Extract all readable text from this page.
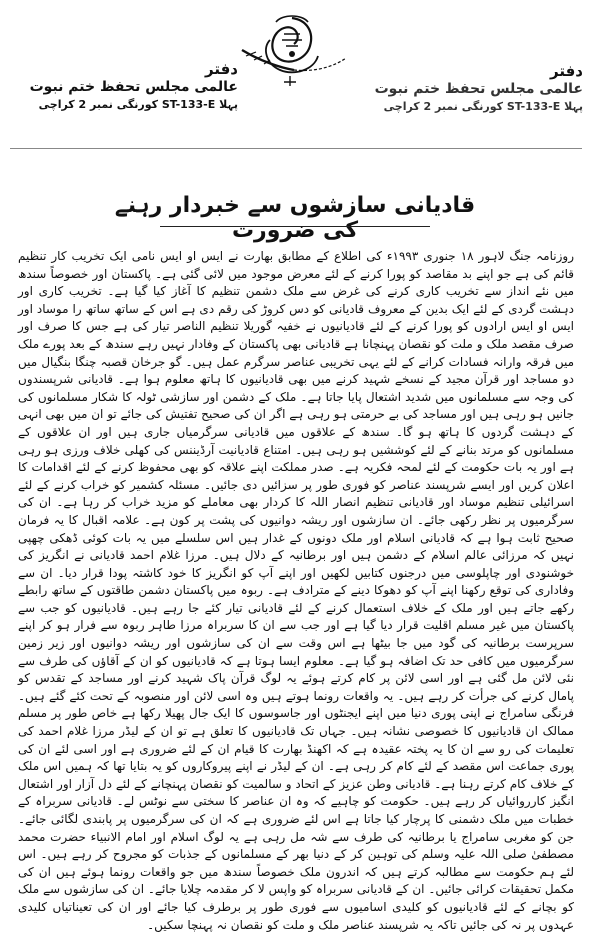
دفتر
عالمی مجلس تحفظ ختم نبوت
پہلا ST-133-E کورنگی نمبر 2 کراچی
دفتر
عالمی مجلس تحفظ ختم نبوت
پہلا ST-133-E کورنگی نمبر 2 کراچی
قادیانی سازشوں سے خبردار رہنے کی ضرورت

روزنامہ جنگ لاہور ۱۸ جنوری ۱۹۹۳ء کی اطلاع کے مطابق بھارت نے ایس او ایس نامی ایک تخریب کار تنظیم قائم کی ہے جو اپنے بد مقاصد کو پورا کرنے کے لئے معرض موجود میں لائی گئی ہے۔ پاکستان اور خصوصاً سندھ میں نئے انداز سے تخریب کاری کرنے کی غرض سے ملک دشمن تنظیم کا آغاز کیا گیا ہے۔ تخریب کاری اور دہشت گردی کے لئے ایک بدین کے معروف قادیانی کو دس کروڑ کی رقم دی ہے اس کے ساتھ ساتھ را موساد اور ایس او ایس ارادوں کو پورا کرنے کے لئے قادیانیوں نے خفیہ گوریلا تنظیم الناصر تیار کی ہے جس کا صرف اور صرف مقصد ملک و ملت کو نقصان پہنچانا ہے قادیانی بھی پاکستان کے وفادار نہیں رہے سندھ کے بعد پورے ملک میں فرقہ وارانہ فسادات کرانے کے لئے یہی تخریبی عناصر سرگرم عمل ہیں۔ گو جرخان قصبہ چنگا بنگیال میں دو مساجد اور قرآن مجید کے نسخے شہید کرنے میں بھی قادیانیوں کا ہاتھ معلوم ہوا ہے۔ قادیانی شرپسندوں کی وجہ سے مسلمانوں میں شدید اشتعال پایا جاتا ہے۔ ملک کے دشمن اور سازشی ٹولہ کا شکار مسلمانوں کی جانیں ہو رہی ہیں اور مساجد کی بے حرمتی ہو رہی ہے اگر ان کی صحیح تفتیش کی جائے تو ان میں بھی انہی کے دہشت گردوں کا ہاتھ ہو گا۔ سندھ کے علاقوں میں قادیانی سرگرمیاں جاری ہیں اور ان علاقوں کے مسلمانوں کو مرتد بنانے کے لئے کوششیں ہو رہی ہیں۔ امتناع قادیانیت آرڈیننس کی کھلی خلاف ورزی ہو رہی ہے اور یہ بات حکومت کے لئے لمحہ فکریہ ہے۔ صدر مملکت اپنے علاقہ کو بھی محفوظ کرنے کے لئے اقدامات کا اعلان کریں اور ایسے شرپسند عناصر کو فوری طور پر سزائیں دی جائیں۔ مسئلہ کشمیر کو خراب کرنے کے لئے اسرائیلی تنظیم موساد اور قادیانی تنظیم انصار اللہ کا کردار بھی معاملے کو مزید خراب کر رہا ہے۔ ان کی سرگرمیوں پر نظر رکھی جائے۔ ان سازشوں اور ریشہ دوانیوں کی پشت پر کون ہے۔ علامہ اقبال کا یہ فرمان صحیح ثابت ہوا ہے کہ قادیانی اسلام اور ملک دونوں کے غدار ہیں اس سلسلے میں یہ بات کوئی ڈھکی چھپی نہیں کہ مرزائی عالم اسلام کے دشمن ہیں اور برطانیہ کے دلال ہیں۔ مرزا غلام احمد قادیانی نے انگریز کی خوشنودی اور چاپلوسی میں درجنوں کتابیں لکھیں اور اپنے آپ کو انگریز کا خود کاشتہ پودا قرار دیا۔ ان سے وفاداری کی توقع رکھنا اپنے آپ کو دھوکا دینے کے مترادف ہے۔ ربوہ میں پاکستان دشمن طاقتوں کے ساتھ رابطے رکھے جاتے ہیں اور ملک کے خلاف استعمال کرنے کے لئے قادیانی تیار کئے جا رہے ہیں۔ قادیانیوں کو جب سے پاکستان میں غیر مسلم اقلیت قرار دیا گیا ہے اور جب سے ان کا سربراہ مرزا طاہر ربوہ سے فرار ہو کر اپنے سرپرست برطانیہ کی گود میں جا بیٹھا ہے اس وقت سے ان کی سازشوں اور ریشہ دوانیوں اور زیر زمین سرگرمیوں میں کافی حد تک اضافہ ہو گیا ہے۔ معلوم ایسا ہوتا ہے کہ قادیانیوں کو ان کے آقاؤں کی طرف سے نئی لائن مل گئی ہے اور اسی لائن پر کام کرتے ہوئے یہ لوگ قرآن پاک شہید کرنے اور مساجد کے تقدس کو پامال کرنے کی جرأت کر رہے ہیں۔ یہ واقعات رونما ہوتے ہیں وہ اسی لائن اور منصوبہ کے تحت کئے گئے ہیں۔ فرنگی سامراج نے اپنی پوری دنیا میں اپنے ایجنٹوں اور جاسوسوں کا ایک جال پھیلا رکھا ہے خاص طور پر مسلم ممالک ان قادیانیوں کا خصوصی نشانہ ہیں۔ جہاں تک قادیانیوں کا تعلق ہے تو ان کے لیڈر مرزا غلام احمد کی تعلیمات کی رو سے ان کا یہ پختہ عقیدہ ہے کہ اکھنڈ بھارت کا قیام ان کے لئے ضروری ہے اور اسی لئے ان کی پوری جماعت اس مقصد کے لئے کام کر رہی ہے۔ ان کے لیڈر نے اپنے پیروکاروں کو یہ بتایا تھا کہ ہمیں اس ملک کے خلاف کام کرتے رہنا ہے۔ قادیانی وطن عزیز کے اتحاد و سالمیت کو نقصان پہنچانے کے لئے دل آزار اور اشتعال انگیز کارروائیاں کر رہے ہیں۔ حکومت کو چاہیے کہ وہ ان عناصر کا سختی سے نوٹس لے۔ قادیانی سربراہ کے خطبات میں ملک دشمنی کا پرچار کیا جاتا ہے اس لئے ضروری ہے کہ ان کی سرگرمیوں پر پابندی لگائی جائے۔ جن کو مغربی سامراج یا برطانیہ کی طرف سے شہ مل رہی ہے یہ لوگ اسلام اور امام الانبیاء حضرت محمد مصطفیٰ صلی اللہ علیہ وسلم کی توہین کر کے دنیا بھر کے مسلمانوں کے جذبات کو مجروح کر رہے ہیں۔ اس لئے ہم حکومت سے مطالبہ کرتے ہیں کہ اندرون ملک خصوصاً سندھ میں جو واقعات رونما ہوئے ہیں ان کی مکمل تحقیقات کرائی جائیں۔ ان کے قادیانی سربراہ کو واپس لا کر مقدمہ چلایا جائے۔ ان کی سازشوں سے ملک کو بچانے کے لئے قادیانیوں کو کلیدی اسامیوں سے فوری طور پر برطرف کیا جائے اور ان کی تعیناتیاں کلیدی عہدوں پر نہ کی جائیں تاکہ یہ شرپسند عناصر ملک و ملت کو نقصان نہ پہنچا سکیں۔
